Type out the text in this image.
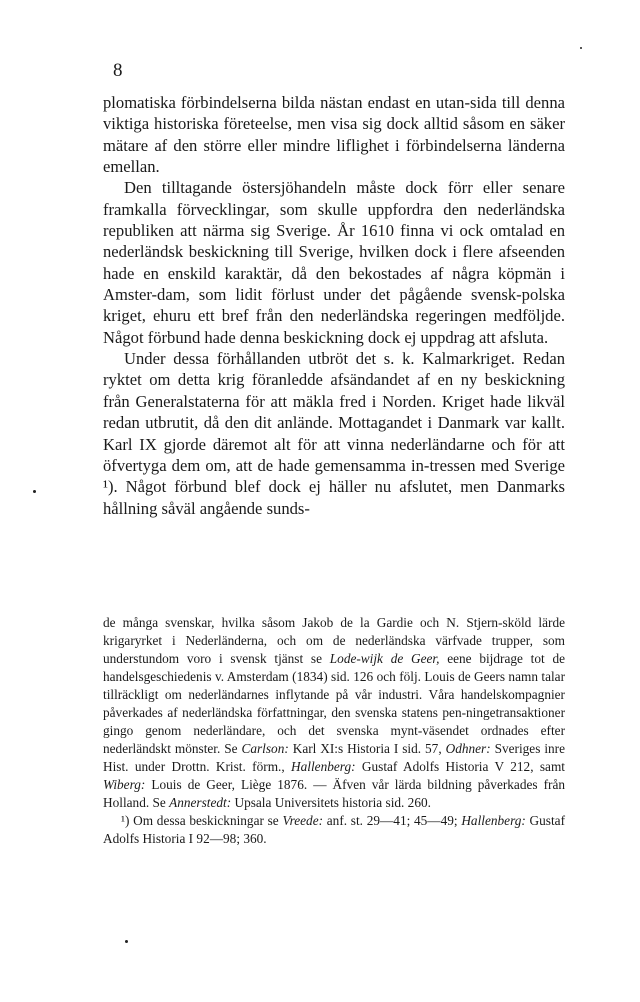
8

plomatiska förbindelserna bilda nästan endast en utan-sida till denna viktiga historiska företeelse, men visa sig dock alltid såsom en säker mätare af den större eller mindre liflighet i förbindelserna länderna emellan.

Den tilltagande östersjöhandeln måste dock förr eller senare framkalla förvecklingar, som skulle uppfordra den nederländska republiken att närma sig Sverige. År 1610 finna vi ock omtalad en nederländsk beskickning till Sverige, hvilken dock i flere afseenden hade en enskild karaktär, då den bekostades af några köpmän i Amster-dam, som lidit förlust under det pågående svensk-polska kriget, ehuru ett bref från den nederländska regeringen medföljde. Något förbund hade denna beskickning dock ej uppdrag att afsluta.

Under dessa förhållanden utbröt det s. k. Kalmarkriget. Redan ryktet om detta krig föranledde afsändandet af en ny beskickning från Generalstaterna för att mäkla fred i Norden. Kriget hade likväl redan utbrutit, då den dit anlände. Mottagandet i Danmark var kallt. Karl IX gjorde däremot alt för att vinna nederländarne och för att öfvertyga dem om, att de hade gemensamma in-tressen med Sverige ¹). Något förbund blef dock ej häller nu afslutet, men Danmarks hållning såväl angående sunds-

de många svenskar, hvilka såsom Jakob de la Gardie och N. Stjern-sköld lärde krigaryrket i Nederländerna, och om de nederländska värfvade trupper, som understundom voro i svensk tjänst se Lode-wijk de Geer, eene bijdrage tot de handelsgeschiedenis v. Amsterdam (1834) sid. 126 och följ. Louis de Geers namn talar tillräckligt om nederländarnes inflytande på vår industri. Våra handelskompagnier påverkades af nederländska författningar, den svenska statens pen-ningetransaktioner gingo genom nederländare, och det svenska mynt-väsendet ordnades efter nederländskt mönster. Se Carlson: Karl XI:s Historia I sid. 57, Odhner: Sveriges inre Hist. under Drottn. Krist. förm., Hallenberg: Gustaf Adolfs Historia V 212, samt Wiberg: Louis de Geer, Liège 1876. — Äfven vår lärda bildning påverkades från Holland. Se Annerstedt: Upsala Universitets historia sid. 260.

¹) Om dessa beskickningar se Vreede: anf. st. 29—41; 45—49; Hallenberg: Gustaf Adolfs Historia I 92—98; 360.
